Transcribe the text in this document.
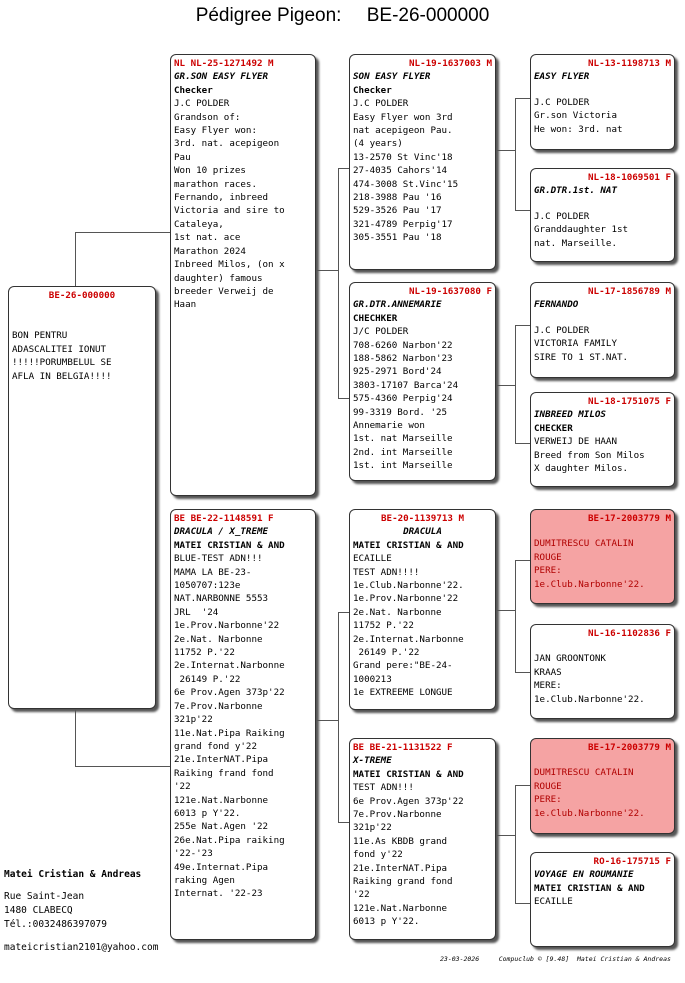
Pédigree Pigeon: BE-26-000000
BE-26-000000
BON PENTRU
ADASCALITEI IONUT
!!!!!PORUMBELUL SE
AFLA IN BELGIA!!!!
NL NL-25-1271492 M
GR.SON EASY FLYER
Checker
J.C POLDER
Grandson of:
Easy Flyer won:
3rd. nat. acepigeon
Pau
Won 10 prizes
marathon races.
Fernando, inbreed
Victoria and sire to
Cataleya,
1st nat. ace
Marathon 2024
Inbreed Milos, (on x
daughter) famous
breeder Verweij de
Haan
BE BE-22-1148591 F
DRACULA / X_TREME
MATEI CRISTIAN & AND
BLUE-TEST ADN!!!
MAMA LA BE-23-
1050707:123e
NAT.NARBONNE 5553
JRL  '24
1e.Prov.Narbonne'22
2e.Nat. Narbonne
11752 P.'22
2e.Internat.Narbonne
26149 P.'22
6e Prov.Agen 373p'22
7e.Prov.Narbonne
321p'22
11e.Nat.Pipa Raiking
grand fond y'22
21e.InterNAT.Pipa
Raiking frand fond
'22
121e.Nat.Narbonne
6013 p Y'22.
255e Nat.Agen '22
26e.Nat.Pipa raiking
'22-'23
49e.Internat.Pipa
raking Agen
Internat. '22-23
NL-19-1637003 M
SON EASY FLYER
Checker
J.C POLDER
Easy Flyer won 3rd
nat acepigeon Pau.
(4 years)
13-2570 St Vinc'18
27-4035 Cahors'14
474-3008 St.Vinc'15
218-3988 Pau '16
529-3526 Pau '17
321-4789 Perpig'17
305-3551 Pau '18
NL-19-1637080 F
GR.DTR.ANNEMARIE
CHECHKER
J/C POLDER
708-6260 Narbon'22
188-5862 Narbon'23
925-2971 Bord'24
3803-17107 Barca'24
575-4360 Perpig'24
99-3319 Bord. '25
Annemarie won
1st. nat Marseille
2nd. int Marseille
1st. int Marseille
BE-20-1139713 M
DRACULA
MATEI CRISTIAN & AND
ECAILLE
TEST ADN!!!!
1e.Club.Narbonne'22.
1e.Prov.Narbonne'22
2e.Nat. Narbonne
11752 P.'22
2e.Internat.Narbonne
26149 P.'22
Grand pere:"BE-24-
1000213
1e EXTREEME LONGUE
BE BE-21-1131522 F
X-TREME
MATEI CRISTIAN & AND
TEST ADN!!!
6e Prov.Agen 373p'22
7e.Prov.Narbonne
321p'22
11e.As KBDB grand
fond y'22
21e.InterNAT.Pipa
Raiking grand fond
'22
121e.Nat.Narbonne
6013 p Y'22.
NL-13-1198713 M
EASY FLYER
J.C POLDER
Gr.son Victoria
He won: 3rd. nat
NL-18-1069501 F
GR.DTR.1st. NAT
J.C POLDER
Granddaughter 1st
nat. Marseille.
NL-17-1856789 M
FERNANDO
J.C POLDER
VICTORIA FAMILY
SIRE TO 1 ST.NAT.
NL-18-1751075 F
INBREED MILOS
CHECKER
VERWEIJ DE HAAN
Breed from Son Milos
X daughter Milos.
BE-17-2003779 M
DUMITRESCU CATALIN
ROUGE
PERE:
1e.Club.Narbonne'22.
NL-16-1102836 F
JAN GROONTONK
KRAAS
MERE:
1e.Club.Narbonne'22.
BE-17-2003779 M
DUMITRESCU CATALIN
ROUGE
PERE:
1e.Club.Narbonne'22.
RO-16-175715 F
VOYAGE EN ROUMANIE
MATEI CRISTIAN & AND
ECAILLE
Matei Cristian & Andreas
Rue Saint-Jean
1480 CLABECQ
Tél.:0032486397079
mateicristian2101@yahoo.com
23-03-2026	Compuclub © [9.48]  Matei Cristian & Andreas
